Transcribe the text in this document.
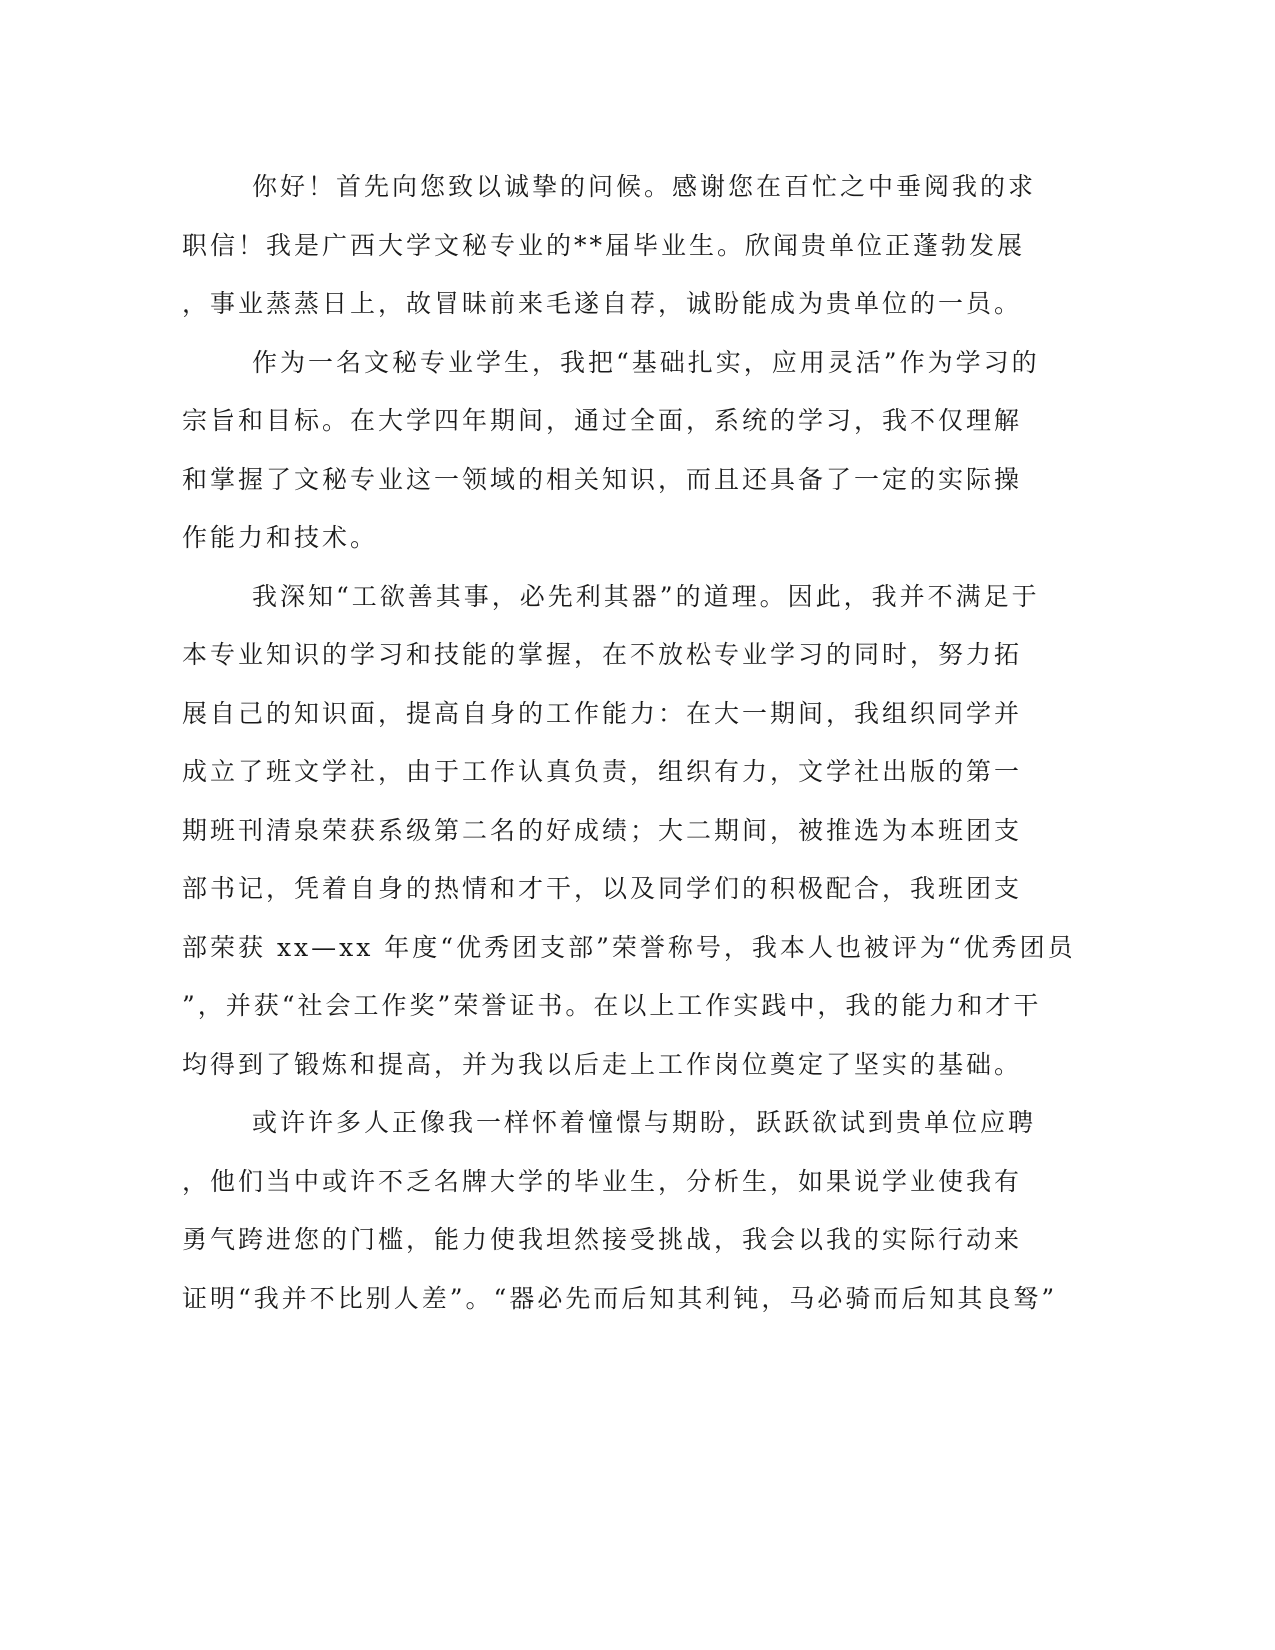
你好！首先向您致以诚挚的问候。感谢您在百忙之中垂阅我的求
职信！我是广西大学文秘专业的**届毕业生。欣闻贵单位正蓬勃发展
，事业蒸蒸日上，故冒昧前来毛遂自荐，诚盼能成为贵单位的一员。
作为一名文秘专业学生，我把“基础扎实，应用灵活”作为学习的
宗旨和目标。在大学四年期间，通过全面，系统的学习，我不仅理解
和掌握了文秘专业这一领域的相关知识，而且还具备了一定的实际操
作能力和技术。
我深知“工欲善其事，必先利其器”的道理。因此，我并不满足于
本专业知识的学习和技能的掌握，在不放松专业学习的同时，努力拓
展自己的知识面，提高自身的工作能力：在大一期间，我组织同学并
成立了班文学社，由于工作认真负责，组织有力，文学社出版的第一
期班刊清泉荣获系级第二名的好成绩；大二期间，被推选为本班团支
部书记，凭着自身的热情和才干，以及同学们的积极配合，我班团支
部荣获 xx—xx 年度“优秀团支部”荣誉称号，我本人也被评为“优秀团员
”，并获“社会工作奖”荣誉证书。在以上工作实践中，我的能力和才干
均得到了锻炼和提高，并为我以后走上工作岗位奠定了坚实的基础。
或许许多人正像我一样怀着憧憬与期盼，跃跃欲试到贵单位应聘
，他们当中或许不乏名牌大学的毕业生，分析生，如果说学业使我有
勇气跨进您的门槛，能力使我坦然接受挑战，我会以我的实际行动来
证明“我并不比别人差”。“器必先而后知其利钝，马必骑而后知其良驽”
